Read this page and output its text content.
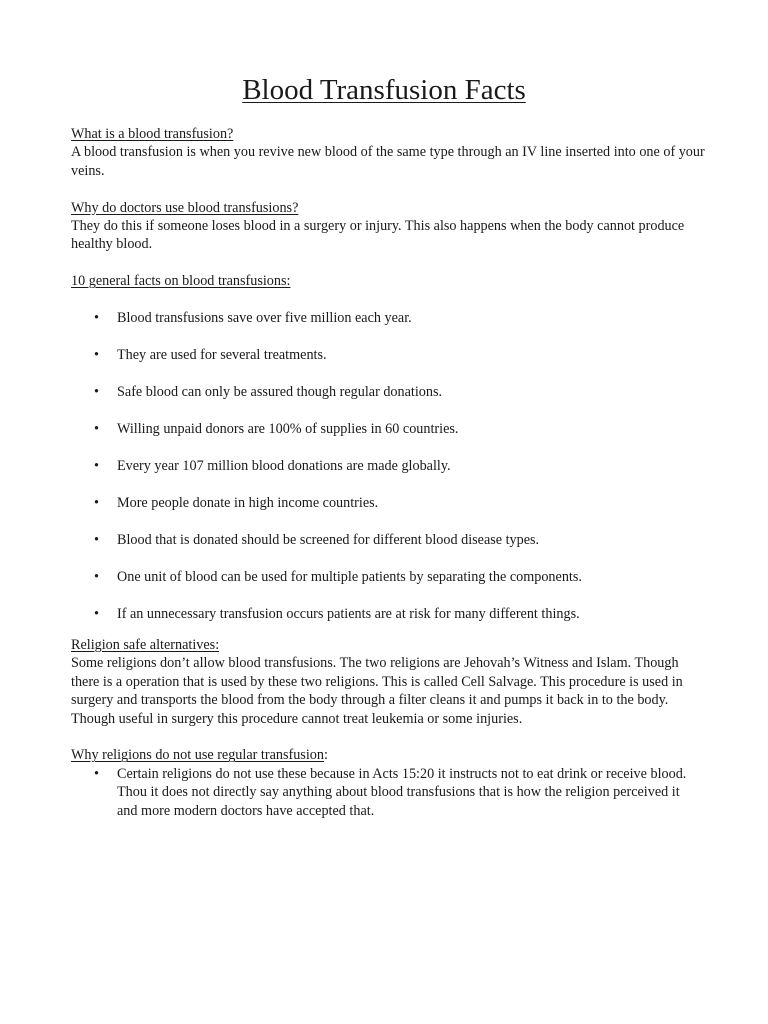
Blood Transfusion Facts

What is a blood transfusion?

A blood transfusion is when you revive new blood of the same type through an IV line inserted into one of your veins.

Why do doctors use blood transfusions?

They do this if someone loses blood in a surgery or injury. This also happens when the body cannot produce healthy blood.

10 general facts on blood transfusions:

• Blood transfusions save over five million each year.
• They are used for several treatments.
• Safe blood can only be assured though regular donations.
• Willing unpaid donors are 100% of supplies in 60 countries.
• Every year 107 million blood donations are made globally.
• More people donate in high income countries.
• Blood that is donated should be screened for different blood disease types.
• One unit of blood can be used for multiple patients by separating the components.
• If an unnecessary transfusion occurs patients are at risk for many different things.

Religion safe alternatives:

Some religions don’t allow blood transfusions. The two religions are Jehovah’s Witness and Islam. Though there is a operation that is used by these two religions. This is called Cell Salvage. This procedure is used in surgery and transports the blood from the body through a filter cleans it and pumps it back in to the body. Though useful in surgery this procedure cannot treat leukemia or some injuries.

Why religions do not use regular transfusion:

• Certain religions do not use these because in Acts 15:20 it instructs not to eat drink or receive blood. Thou it does not directly say anything about blood transfusions that is how the religion perceived it and more modern doctors have accepted that.
